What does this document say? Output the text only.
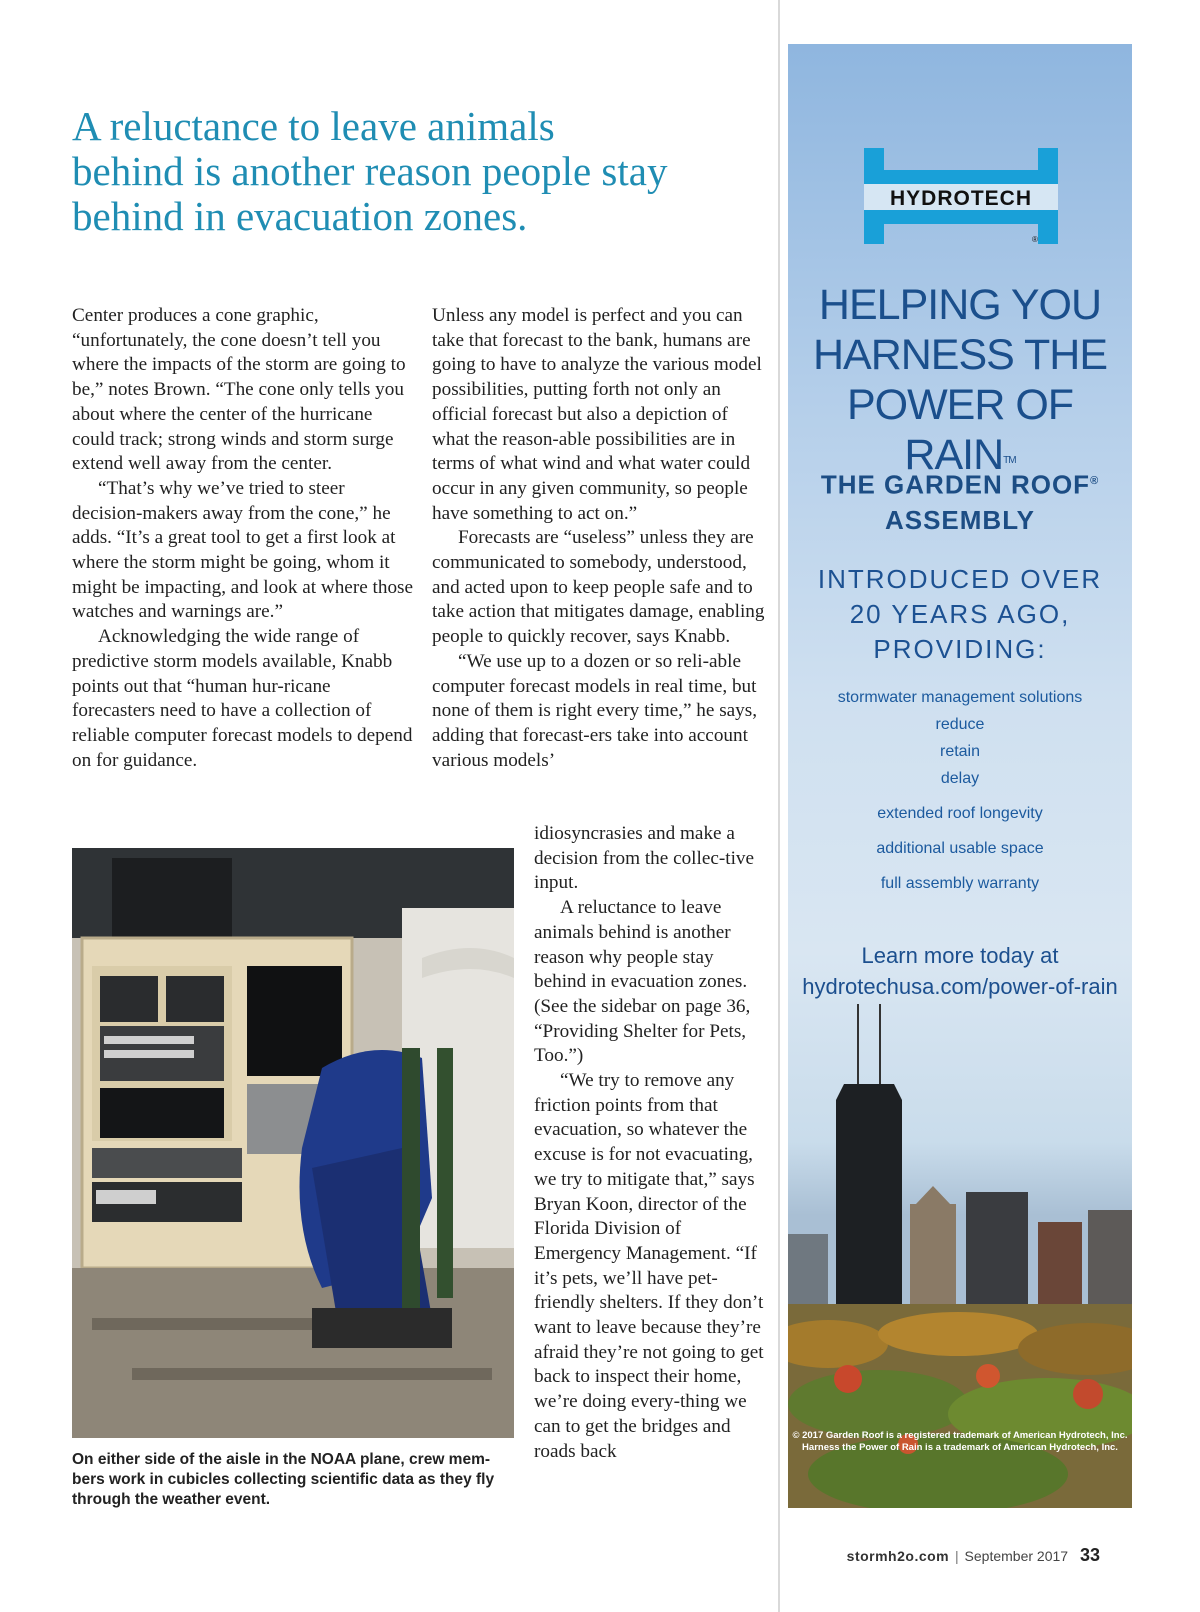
A reluctance to leave animals behind is another reason people stay behind in evacuation zones.

Center produces a cone graphic, “unfortunately, the cone doesn’t tell you where the impacts of the storm are going to be,” notes Brown. “The cone only tells you about where the center of the hurricane could track; strong winds and storm surge extend well away from the center.

“That’s why we’ve tried to steer decision-makers away from the cone,” he adds. “It’s a great tool to get a first look at where the storm might be going, whom it might be impacting, and look at where those watches and warnings are.”

Acknowledging the wide range of predictive storm models available, Knabb points out that “human hur-ricane forecasters need to have a collection of reliable computer forecast models to depend on for guidance.

Unless any model is perfect and you can take that forecast to the bank, humans are going to have to analyze the various model possibilities, putting forth not only an official forecast but also a depiction of what the reason-able possibilities are in terms of what wind and what water could occur in any given community, so people have something to act on.”

Forecasts are “useless” unless they are communicated to somebody, understood, and acted upon to keep people safe and to take action that mitigates damage, enabling people to quickly recover, says Knabb.

“We use up to a dozen or so reli-able computer forecast models in real time, but none of them is right every time,” he says, adding that forecast-ers take into account various models’

idiosyncrasies and make a decision from the collec-tive input.

A reluctance to leave animals behind is another reason why people stay behind in evacuation zones. (See the sidebar on page 36, “Providing Shelter for Pets, Too.”)

“We try to remove any friction points from that evacuation, so whatever the excuse is for not evacuating, we try to mitigate that,” says Bryan Koon, director of the Florida Division of Emergency Management. “If it’s pets, we’ll have pet-friendly shelters. If they don’t want to leave because they’re afraid they’re not going to get back to inspect their home, we’re doing every-thing we can to get the bridges and roads back

On either side of the aisle in the NOAA plane, crew mem-bers work in cubicles collecting scientific data as they fly through the weather event.
HYDROTECH
®
HELPING YOU
HARNESS THE
POWER OF RAIN™
THE GARDEN ROOF®
ASSEMBLY
INTRODUCED OVER
20 YEARS AGO,
PROVIDING:
stormwater management solutions
reduce
retain
delay
extended roof longevity
additional usable space
full assembly warranty
Learn more today at
hydrotechusa.com/power-of-rain
© 2017 Garden Roof is a registered trademark of American Hydrotech, Inc.
Harness the Power of Rain is a trademark of American Hydrotech, Inc.
stormh2o.com | September 2017 33
